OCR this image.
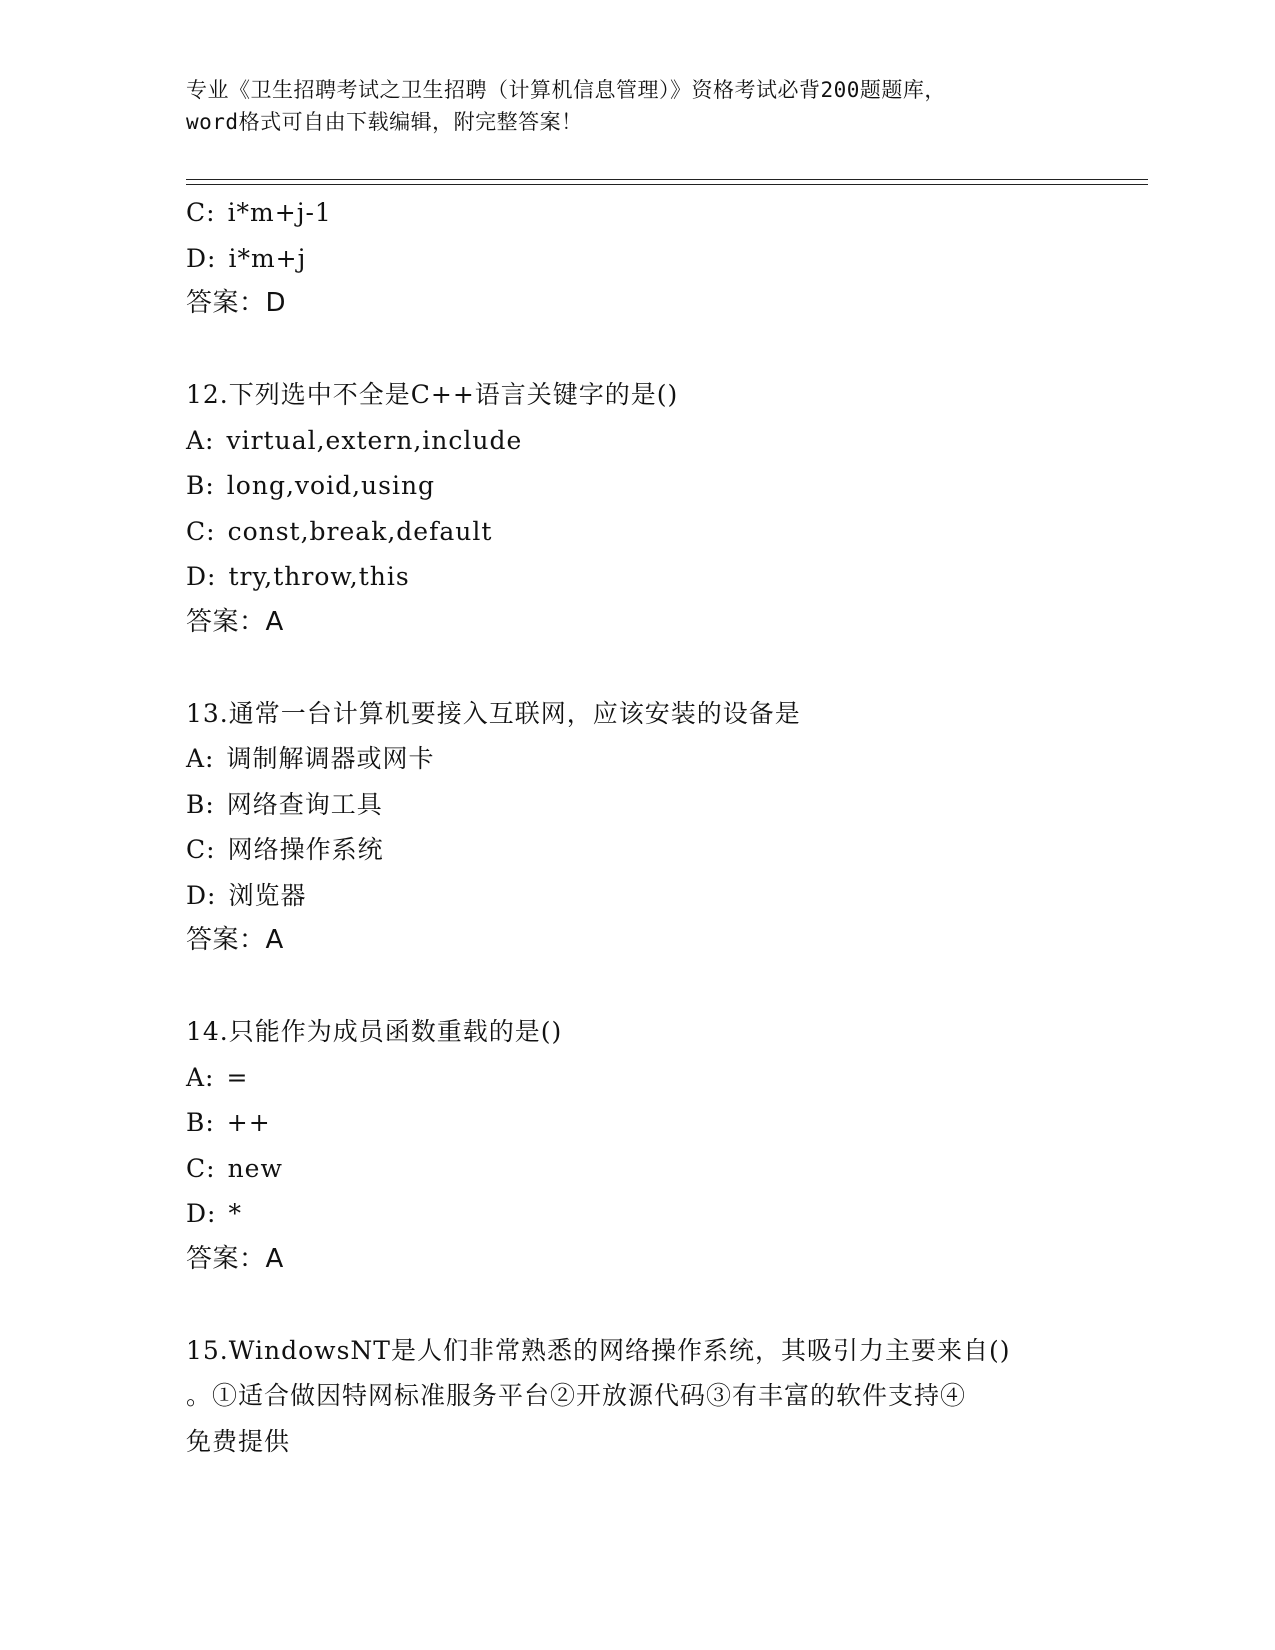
专业《卫生招聘考试之卫生招聘（计算机信息管理）》资格考试必背200题题库，
word格式可自由下载编辑，附完整答案！
C: i*m+j-1
D: i*m+j
答案：D
12.下列选中不全是C++语言关键字的是()
A: virtual,extern,include
B: long,void,using
C: const,break,default
D: try,throw,this
答案：A
13.通常一台计算机要接入互联网，应该安装的设备是
A: 调制解调器或网卡
B: 网络查询工具
C: 网络操作系统
D: 浏览器
答案：A
14.只能作为成员函数重载的是()
A: =
B: ++
C: new
D: *
答案：A
15.WindowsNT是人们非常熟悉的网络操作系统，其吸引力主要来自()
。①适合做因特网标准服务平台②开放源代码③有丰富的软件支持④
免费提供
